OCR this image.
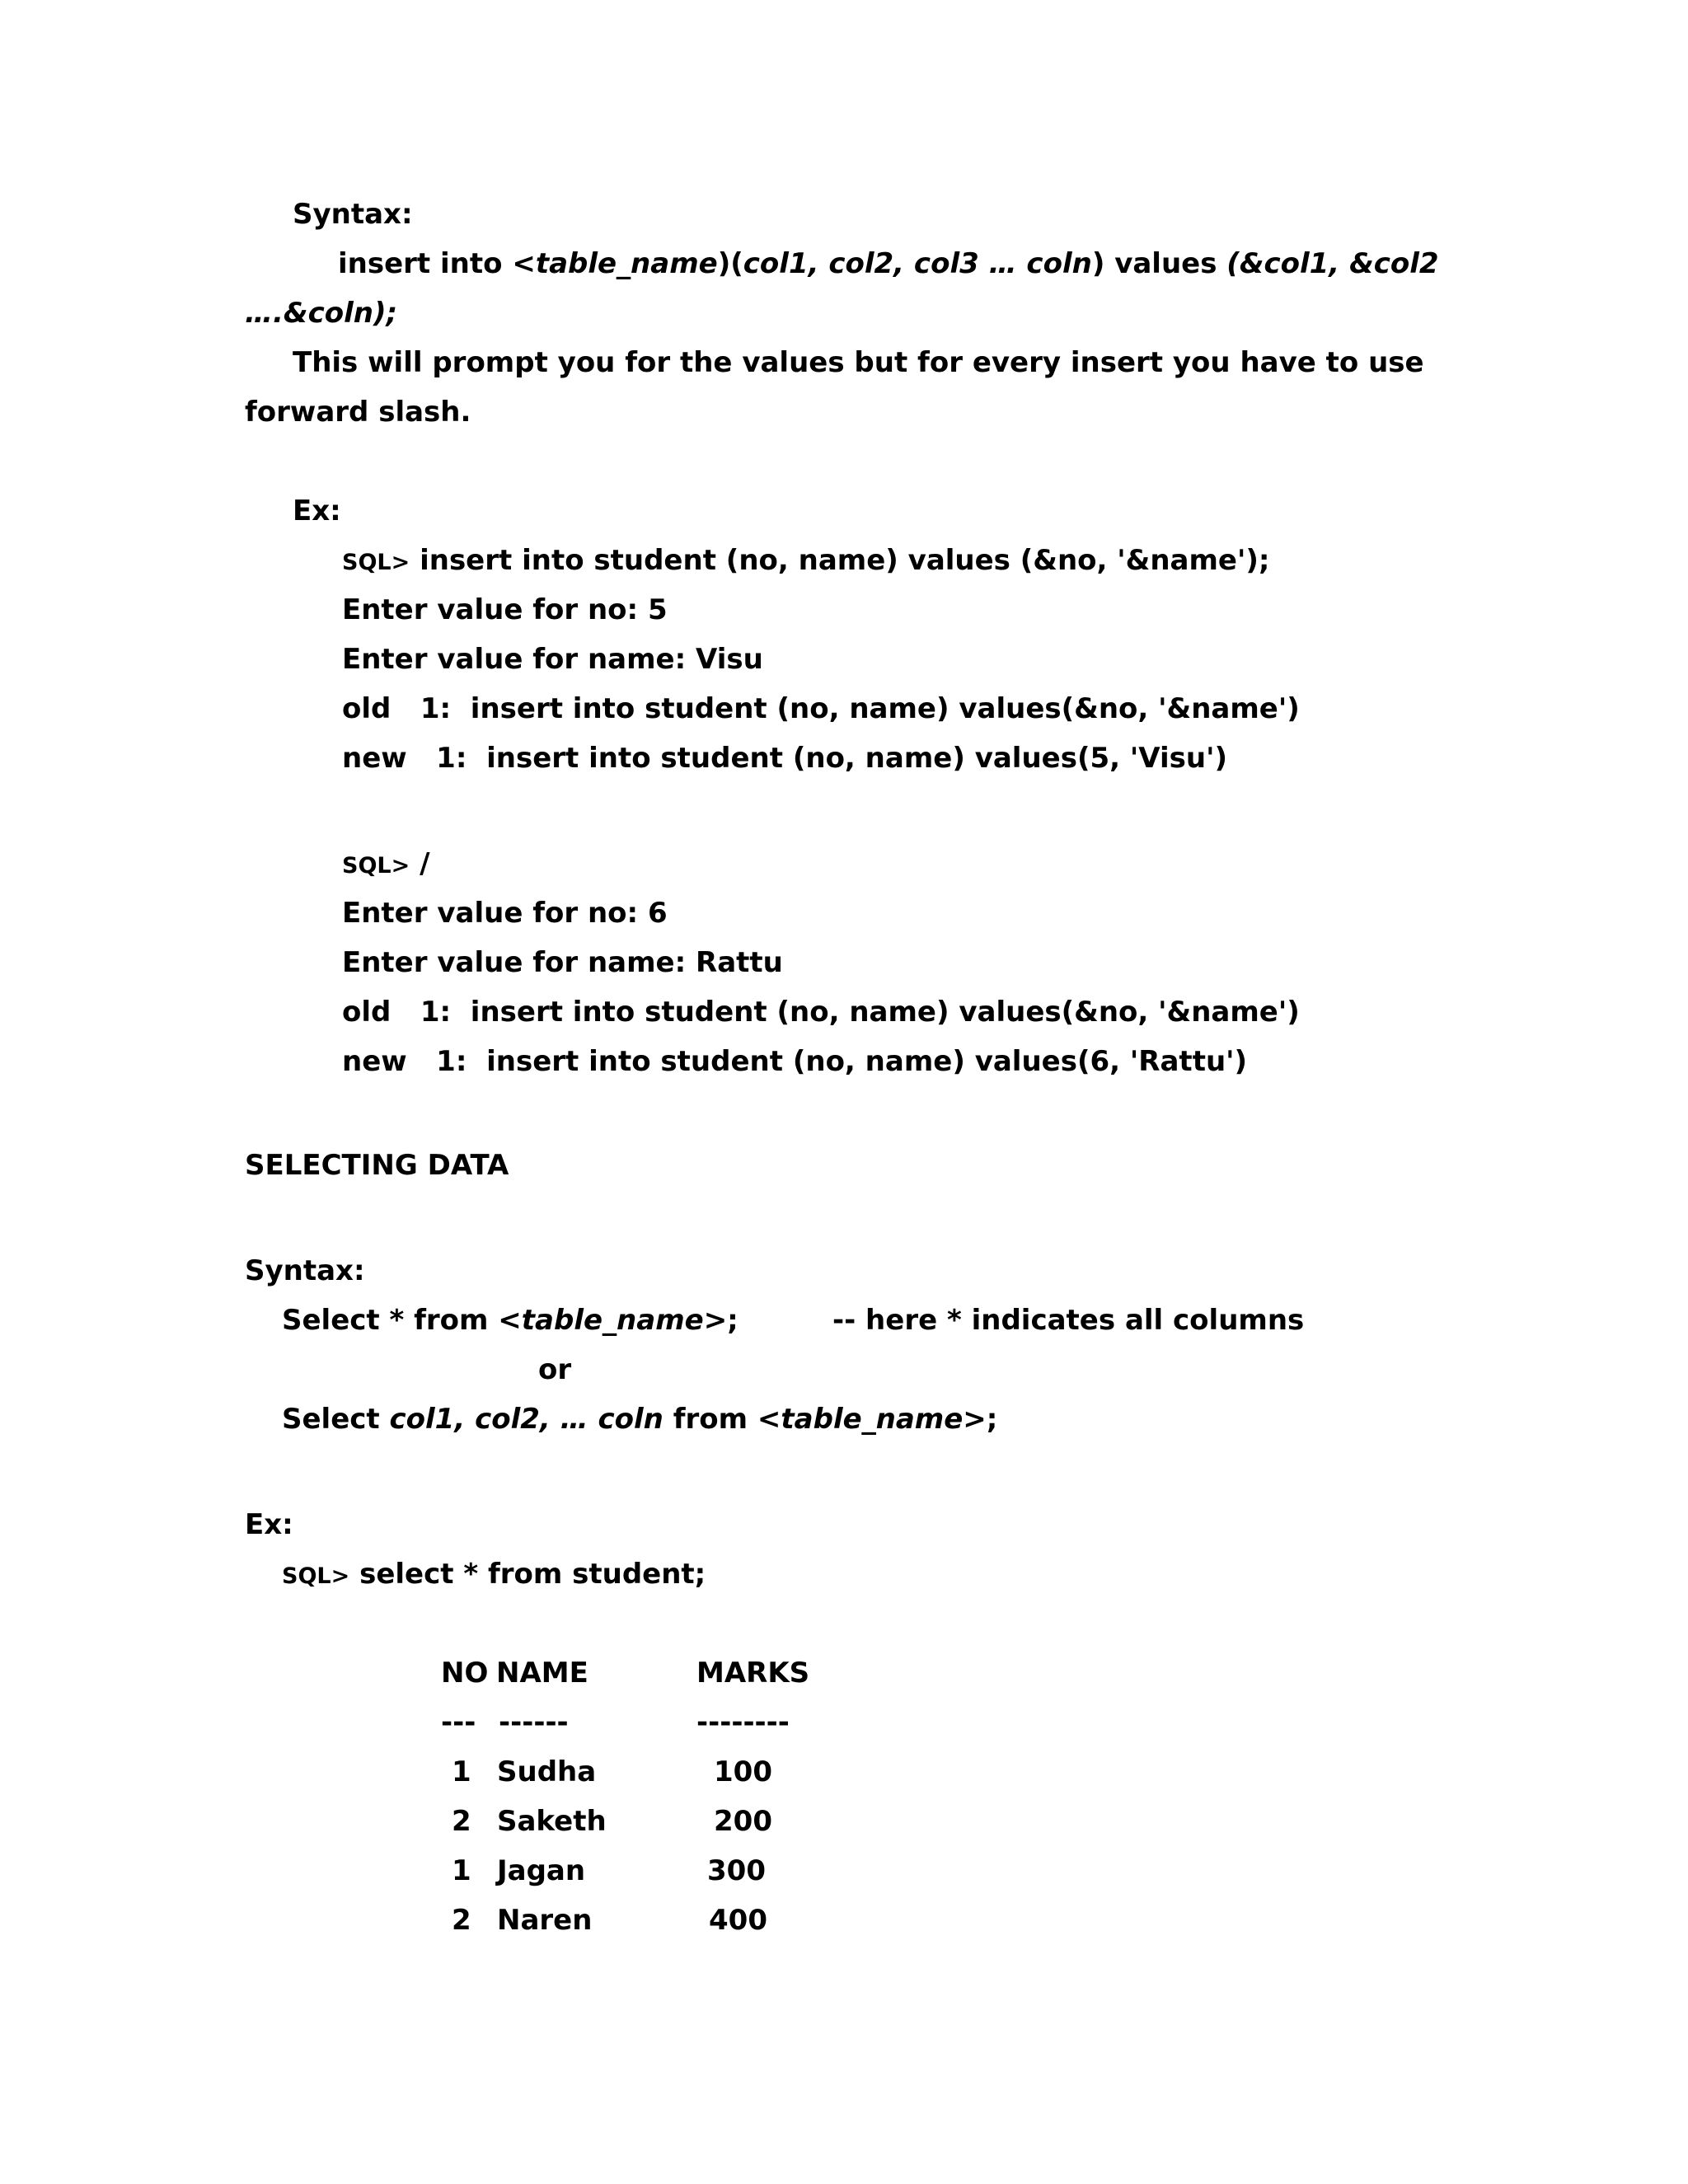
Syntax:
insert into <table_name)(col1, col2, col3 … coln) values (&col1, &col2
….&coln);
This will prompt you for the values but for every insert you have to use
forward slash.
Ex:
SQL> insert into student (no, name) values (&no, '&name');
Enter value for no: 5
Enter value for name: Visu
old   1:  insert into student (no, name) values(&no, '&name')
new   1:  insert into student (no, name) values(5, 'Visu')
SQL> /
Enter value for no: 6
Enter value for name: Rattu
old   1:  insert into student (no, name) values(&no, '&name')
new   1:  insert into student (no, name) values(6, 'Rattu')
SELECTING DATA
Syntax:
Select * from <table_name>;	-- here * indicates all columns
or
Select col1, col2, … coln from <table_name>;
Ex:
SQL> select * from student;
NO NAME	MARKS
--- ------	--------
1 Sudha	100
2 Saketh	200
1 Jagan	300
2 Naren	400
